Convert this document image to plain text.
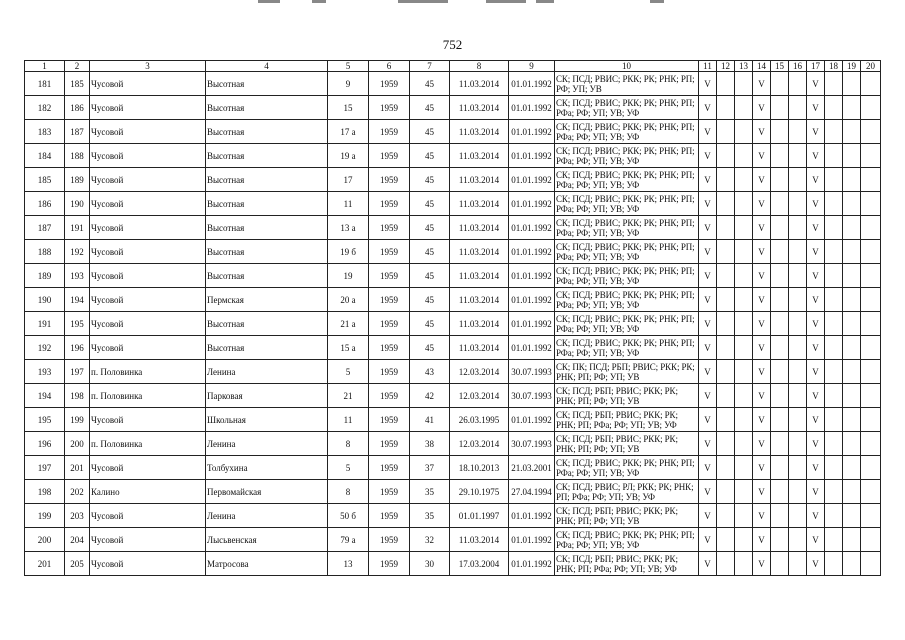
752
1	2	3	4	5	6	7	8	9	10	11	12	13	14	15	16	17	18	19	20
181	185	Чусовой	Высотная	9	1959	45	11.03.2014	01.01.1992	СК; ПСД; РВИС; РКК; РК; РНК; РП; РФ; УП; УВ	V			V			V			
182	186	Чусовой	Высотная	15	1959	45	11.03.2014	01.01.1992	СК; ПСД; РВИС; РКК; РК; РНК; РП; РФа; РФ; УП; УВ; УФ	V			V			V			
183	187	Чусовой	Высотная	17 а	1959	45	11.03.2014	01.01.1992	СК; ПСД; РВИС; РКК; РК; РНК; РП; РФа; РФ; УП; УВ; УФ	V			V			V			
184	188	Чусовой	Высотная	19 а	1959	45	11.03.2014	01.01.1992	СК; ПСД; РВИС; РКК; РК; РНК; РП; РФа; РФ; УП; УВ; УФ	V			V			V			
185	189	Чусовой	Высотная	17	1959	45	11.03.2014	01.01.1992	СК; ПСД; РВИС; РКК; РК; РНК; РП; РФа; РФ; УП; УВ; УФ	V			V			V			
186	190	Чусовой	Высотная	11	1959	45	11.03.2014	01.01.1992	СК; ПСД; РВИС; РКК; РК; РНК; РП; РФа; РФ; УП; УВ; УФ	V			V			V			
187	191	Чусовой	Высотная	13 а	1959	45	11.03.2014	01.01.1992	СК; ПСД; РВИС; РКК; РК; РНК; РП; РФа; РФ; УП; УВ; УФ	V			V			V			
188	192	Чусовой	Высотная	19 б	1959	45	11.03.2014	01.01.1992	СК; ПСД; РВИС; РКК; РК; РНК; РП; РФа; РФ; УП; УВ; УФ	V			V			V			
189	193	Чусовой	Высотная	19	1959	45	11.03.2014	01.01.1992	СК; ПСД; РВИС; РКК; РК; РНК; РП; РФа; РФ; УП; УВ; УФ	V			V			V			
190	194	Чусовой	Пермская	20 а	1959	45	11.03.2014	01.01.1992	СК; ПСД; РВИС; РКК; РК; РНК; РП; РФа; РФ; УП; УВ; УФ	V			V			V			
191	195	Чусовой	Высотная	21 а	1959	45	11.03.2014	01.01.1992	СК; ПСД; РВИС; РКК; РК; РНК; РП; РФа; РФ; УП; УВ; УФ	V			V			V			
192	196	Чусовой	Высотная	15 а	1959	45	11.03.2014	01.01.1992	СК; ПСД; РВИС; РКК; РК; РНК; РП; РФа; РФ; УП; УВ; УФ	V			V			V			
193	197	п. Половинка	Ленина	5	1959	43	12.03.2014	30.07.1993	СК; ПК; ПСД; РБП; РВИС; РКК; РК; РНК; РП; РФ; УП; УВ	V			V			V			
194	198	п. Половинка	Парковая	21	1959	42	12.03.2014	30.07.1993	СК; ПСД; РБП; РВИС; РКК; РК; РНК; РП; РФ; УП; УВ	V			V			V			
195	199	Чусовой	Школьная	11	1959	41	26.03.1995	01.01.1992	СК; ПСД; РБП; РВИС; РКК; РК; РНК; РП; РФа; РФ; УП; УВ; УФ	V			V			V			
196	200	п. Половинка	Ленина	8	1959	38	12.03.2014	30.07.1993	СК; ПСД; РБП; РВИС; РКК; РК; РНК; РП; РФ; УП; УВ	V			V			V			
197	201	Чусовой	Толбухина	5	1959	37	18.10.2013	21.03.2001	СК; ПСД; РВИС; РКК; РК; РНК; РП; РФа; РФ; УП; УВ; УФ	V			V			V			
198	202	Калино	Первомайская	8	1959	35	29.10.1975	27.04.1994	СК; ПСД; РВИС; РЛ; РКК; РК; РНК; РП; РФа; РФ; УП; УВ; УФ	V			V			V			
199	203	Чусовой	Ленина	50 б	1959	35	01.01.1997	01.01.1992	СК; ПСД; РБП; РВИС; РКК; РК; РНК; РП; РФ; УП; УВ	V			V			V			
200	204	Чусовой	Лысьвенская	79 а	1959	32	11.03.2014	01.01.1992	СК; ПСД; РВИС; РКК; РК; РНК; РП; РФа; РФ; УП; УВ; УФ	V			V			V			
201	205	Чусовой	Матросова	13	1959	30	17.03.2004	01.01.1992	СК; ПСД; РБП; РВИС; РКК; РК; РНК; РП; РФа; РФ; УП; УВ; УФ	V			V			V			
